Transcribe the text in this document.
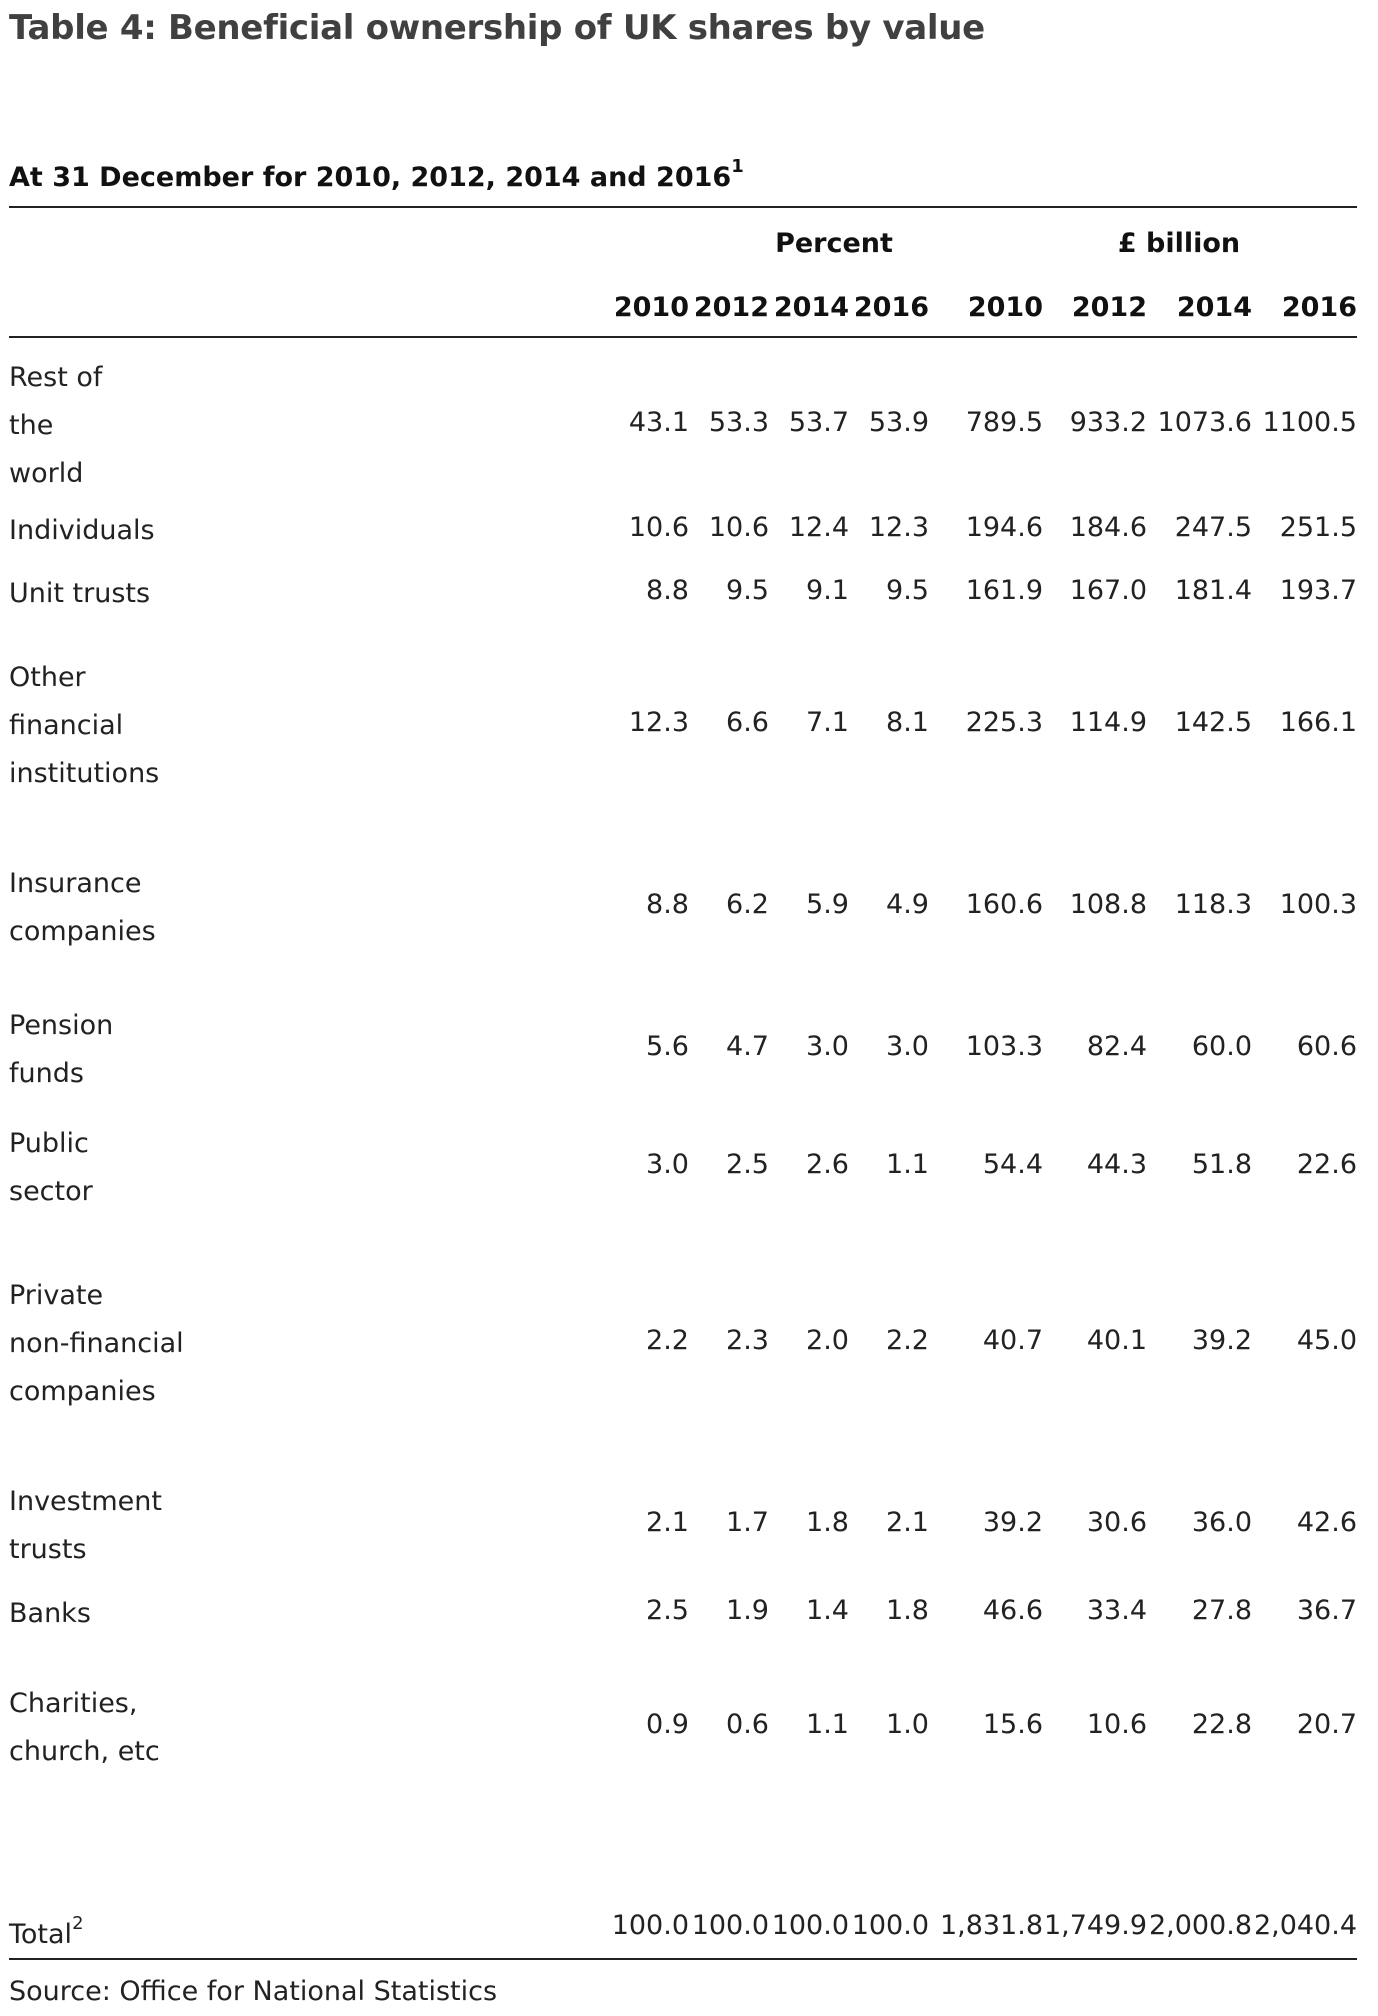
Table 4: Beneficial ownership of UK shares by value
At 31 December for 2010, 2012, 2014 and 2016$^1$
Percent	£ billion
2010 2012 2014 2016	2010	2012	2014	2016
Rest of
the
world
43.1 53.3 53.7 53.9	789.5 933.2 1073.6 1100.5
Individuals	10.6 10.6 12.4 12.3	194.6 184.6	247.5	251.5
Unit trusts	8.8	9.5	9.1	9.5	161.9 167.0	181.4	193.7
Other
financial
institutions
12.3	6.6	7.1	8.1	225.3 114.9	142.5	166.1
Insurance
companies
8.8	6.2	5.9	4.9	160.6 108.8	118.3	100.3
Pension
funds
5.6	4.7	3.0	3.0	103.3	82.4	60.0	60.6
Public
sector
3.0	2.5	2.6	1.1	54.4	44.3	51.8	22.6
Private
non-financial
companies
2.2	2.3	2.0	2.2	40.7	40.1	39.2	45.0
Investment
trusts
2.1	1.7	1.8	2.1	39.2	30.6	36.0	42.6
Banks	2.5	1.9	1.4	1.8	46.6	33.4	27.8	36.7
Charities,
church, etc
0.9	0.6	1.1	1.0	15.6	10.6	22.8	20.7
Total$^2$	100.0 100.0 100.0 100.0 1,831.8 1,749.9 2,000.8 2,040.4
Source: Office for National Statistics
